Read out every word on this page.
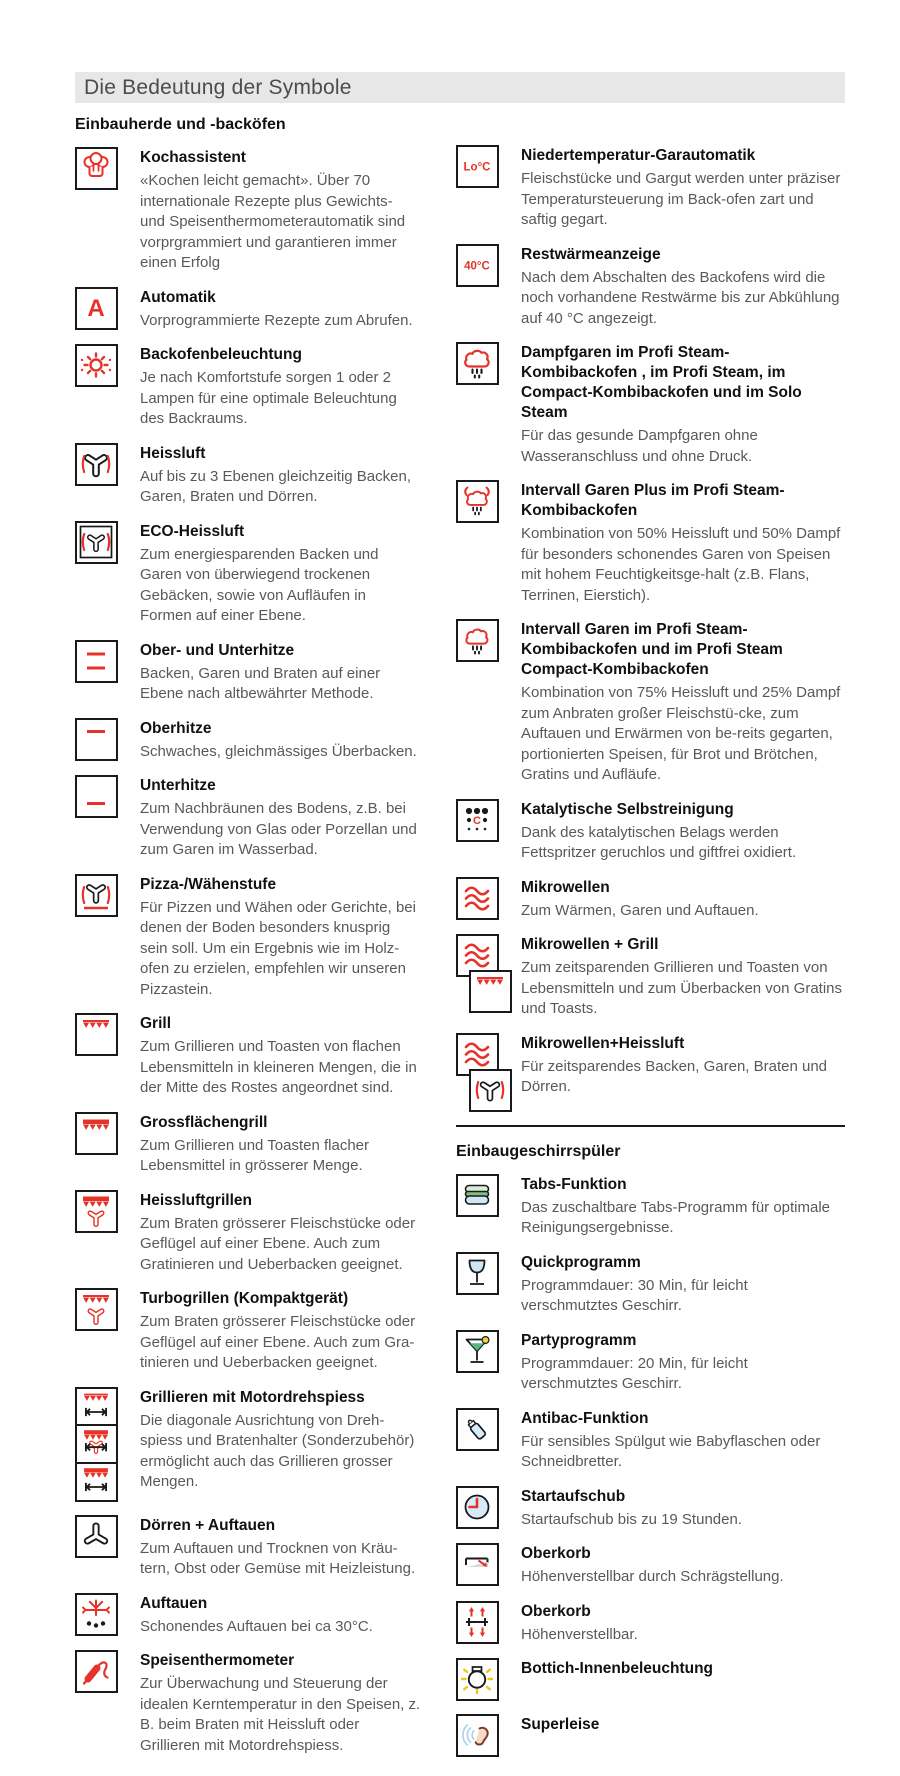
Die Bedeutung der Symbole
Einbauherde und -backöfen
Kochassistent
«Kochen leicht gemacht». Über 70 internationale Rezepte plus Gewichts- und Speisenthermometerautomatik sind vorprgrammiert und garantieren immer einen Erfolg
A Automatik
Vorprogrammierte Rezepte zum Abrufen.
Backofenbeleuchtung
Je nach Komfortstufe sorgen 1 oder 2 Lampen für eine optimale Beleuchtung des Backraums.
Heissluft
Auf bis zu 3 Ebenen gleichzeitig Backen, Garen, Braten und Dörren.
ECO-Heissluft
Zum energiesparenden Backen und Garen von überwiegend trockenen Gebäcken, sowie von Aufläufen in Formen auf einer Ebene.
Ober- und Unterhitze
Backen, Garen und Braten auf einer Ebene nach altbewährter Methode.
Oberhitze
Schwaches, gleichmässiges Überbacken.
Unterhitze
Zum Nachbräunen des Bodens, z.B. bei Verwendung von Glas oder Porzellan und zum Garen im Wasserbad.
Pizza-/Wähenstufe
Für Pizzen und Wähen oder Gerichte, bei denen der Boden besonders knusprig sein soll. Um ein Ergebnis wie im Holz-ofen zu erzielen, empfehlen wir unseren Pizzastein.
Grill
Zum Grillieren und Toasten von flachen Lebensmitteln in kleineren Mengen, die in der Mitte des Rostes angeordnet sind.
Grossflächengrill
Zum Grillieren und Toasten flacher Lebensmittel in grösserer Menge.
Heissluftgrillen
Zum Braten grösserer Fleischstücke oder Geflügel auf einer Ebene. Auch zum Gratinieren und Ueberbacken geeignet.
Turbogrillen (Kompaktgerät)
Zum Braten grösserer Fleischstücke oder Geflügel auf einer Ebene. Auch zum Gra-tinieren und Ueberbacken geeignet.
Grillieren mit Motordrehspiess
Die diagonale Ausrichtung von Dreh-spiess und Bratenhalter (Sonderzubehör) ermöglicht auch das Grillieren grosser Mengen.
Dörren + Auftauen
Zum Auftauen und Trocknen von Kräu-tern, Obst oder Gemüse mit Heizleistung.
Auftauen
Schonendes Auftauen bei ca 30°C.
Speisenthermometer
Zur Überwachung und Steuerung der idealen Kerntemperatur in den Speisen, z. B. beim Braten mit Heissluft oder Grillieren mit Motordrehspiess.
Lo°C
Niedertemperatur-Garautomatik
Fleischstücke und Gargut werden unter präziser Temperatursteuerung im Back-ofen zart und saftig gegart.
40°C
Restwärmeanzeige
Nach dem Abschalten des Backofens wird die noch vorhandene Restwärme bis zur Abkühlung auf 40 °C angezeigt.
Dampfgaren im Profi Steam-Kombibackofen , im Profi Steam, im Compact-Kombibackofen und im Solo Steam
Für das gesunde Dampfgaren ohne Wasseranschluss und ohne Druck.
Intervall Garen Plus im Profi Steam-Kombibackofen
Kombination von 50% Heissluft und 50% Dampf für besonders schonendes Garen von Speisen mit hohem Feuchtigkeitsge-halt (z.B. Flans, Terrinen, Eierstich).
Intervall Garen im Profi Steam-Kombibackofen und im Profi Steam Compact-Kombibackofen
Kombination von 75% Heissluft und 25% Dampf zum Anbraten großer Fleischstü-cke, zum Auftauen und Erwärmen von be-reits gegarten, portionierten Speisen, für Brot und Brötchen, Gratins und Aufläufe.
C
Katalytische Selbstreinigung
Dank des katalytischen Belags werden Fettspritzer geruchlos und giftfrei oxidiert.
Mikrowellen
Zum Wärmen, Garen und Auftauen.
Mikrowellen + Grill
Zum zeitsparenden Grillieren und Toasten von Lebensmitteln und zum Überbacken von Gratins und Toasts.
Mikrowellen+Heissluft
Für zeitsparendes Backen, Garen, Braten und Dörren.
Einbaugeschirrspüler
Tabs-Funktion
Das zuschaltbare Tabs-Programm für optimale Reinigungsergebnisse.
Quickprogramm
Programmdauer: 30 Min, für leicht verschmutztes Geschirr.
Partyprogramm
Programmdauer: 20 Min, für leicht verschmutztes Geschirr.
Antibac-Funktion
Für sensibles Spülgut wie Babyflaschen oder Schneidbretter.
Startaufschub
Startaufschub bis zu 19 Stunden.
Oberkorb
Höhenverstellbar durch Schrägstellung.
Oberkorb
Höhenverstellbar.
Bottich-Innenbeleuchtung
Superleise
